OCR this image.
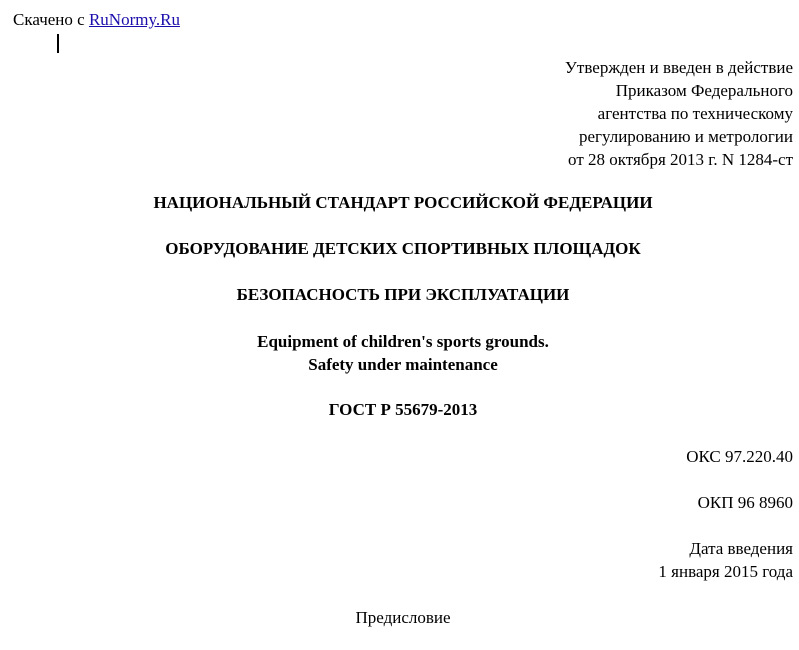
Скачено с RuNormy.Ru
Утвержден и введен в действие
Приказом Федерального
агентства по техническому
регулированию и метрологии
от 28 октября 2013 г. N 1284-ст
НАЦИОНАЛЬНЫЙ СТАНДАРТ РОССИЙСКОЙ ФЕДЕРАЦИИ
ОБОРУДОВАНИЕ ДЕТСКИХ СПОРТИВНЫХ ПЛОЩАДОК
БЕЗОПАСНОСТЬ ПРИ ЭКСПЛУАТАЦИИ
Equipment of children's sports grounds.
Safety under maintenance
ГОСТ Р 55679-2013
ОКС 97.220.40
ОКП 96 8960
Дата введения
1 января 2015 года
Предисловие
